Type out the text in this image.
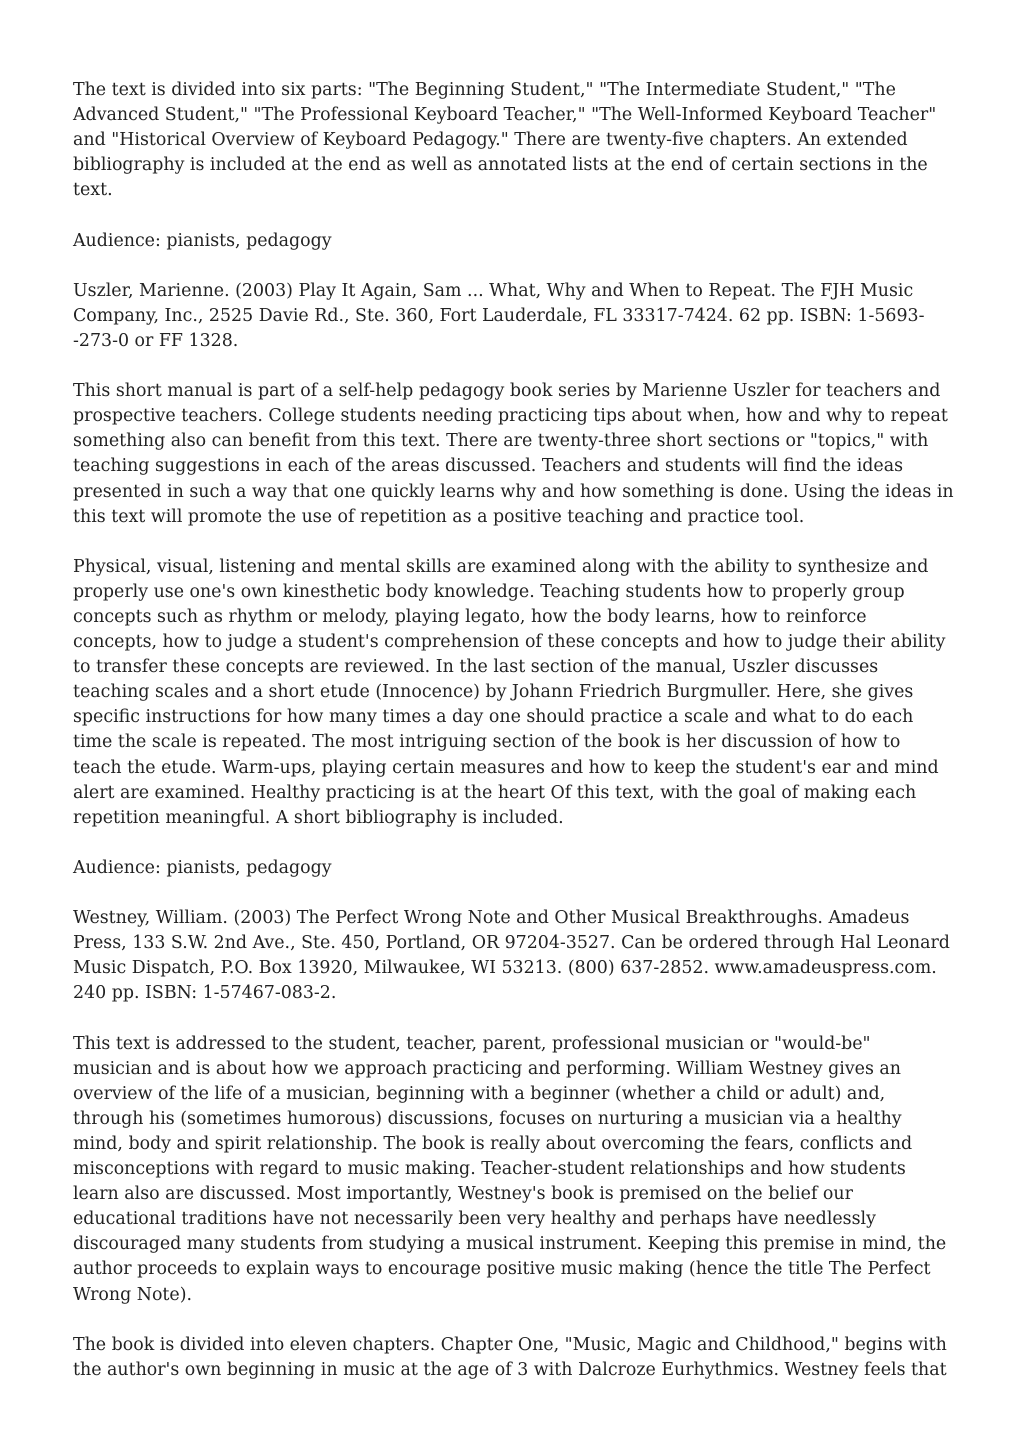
The text is divided into six parts: "The Beginning Student," "The Intermediate Student," "The Advanced Student," "The Professional Keyboard Teacher," "The Well-Informed Keyboard Teacher" and "Historical Overview of Keyboard Pedagogy." There are twenty-five chapters. An extended bibliography is included at the end as well as annotated lists at the end of certain sections in the text.

Audience: pianists, pedagogy

Uszler, Marienne. (2003) Play It Again, Sam ... What, Why and When to Repeat. The FJH Music Company, Inc., 2525 Davie Rd., Ste. 360, Fort Lauderdale, FL 33317-7424. 62 pp. ISBN: 1-5693--273-0 or FF 1328.

This short manual is part of a self-help pedagogy book series by Marienne Uszler for teachers and prospective teachers. College students needing practicing tips about when, how and why to repeat something also can benefit from this text. There are twenty-three short sections or "topics," with teaching suggestions in each of the areas discussed. Teachers and students will find the ideas presented in such a way that one quickly learns why and how something is done. Using the ideas in this text will promote the use of repetition as a positive teaching and practice tool.

Physical, visual, listening and mental skills are examined along with the ability to synthesize and properly use one's own kinesthetic body knowledge. Teaching students how to properly group concepts such as rhythm or melody, playing legato, how the body learns, how to reinforce concepts, how to judge a student's comprehension of these concepts and how to judge their ability to transfer these concepts are reviewed. In the last section of the manual, Uszler discusses teaching scales and a short etude (Innocence) by Johann Friedrich Burgmuller. Here, she gives specific instructions for how many times a day one should practice a scale and what to do each time the scale is repeated. The most intriguing section of the book is her discussion of how to teach the etude. Warm-ups, playing certain measures and how to keep the student's ear and mind alert are examined. Healthy practicing is at the heart Of this text, with the goal of making each repetition meaningful. A short bibliography is included.

Audience: pianists, pedagogy

Westney, William. (2003) The Perfect Wrong Note and Other Musical Breakthroughs. Amadeus Press, 133 S.W. 2nd Ave., Ste. 450, Portland, OR 97204-3527. Can be ordered through Hal Leonard Music Dispatch, P.O. Box 13920, Milwaukee, WI 53213. (800) 637-2852. www.amadeuspress.com. 240 pp. ISBN: 1-57467-083-2.

This text is addressed to the student, teacher, parent, professional musician or "would-be" musician and is about how we approach practicing and performing. William Westney gives an overview of the life of a musician, beginning with a beginner (whether a child or adult) and, through his (sometimes humorous) discussions, focuses on nurturing a musician via a healthy mind, body and spirit relationship. The book is really about overcoming the fears, conflicts and misconceptions with regard to music making. Teacher-student relationships and how students learn also are discussed. Most importantly, Westney's book is premised on the belief our educational traditions have not necessarily been very healthy and perhaps have needlessly discouraged many students from studying a musical instrument. Keeping this premise in mind, the author proceeds to explain ways to encourage positive music making (hence the title The Perfect Wrong Note).

The book is divided into eleven chapters. Chapter One, "Music, Magic and Childhood," begins with the author's own beginning in music at the age of 3 with Dalcroze Eurhythmics. Westney feels that
